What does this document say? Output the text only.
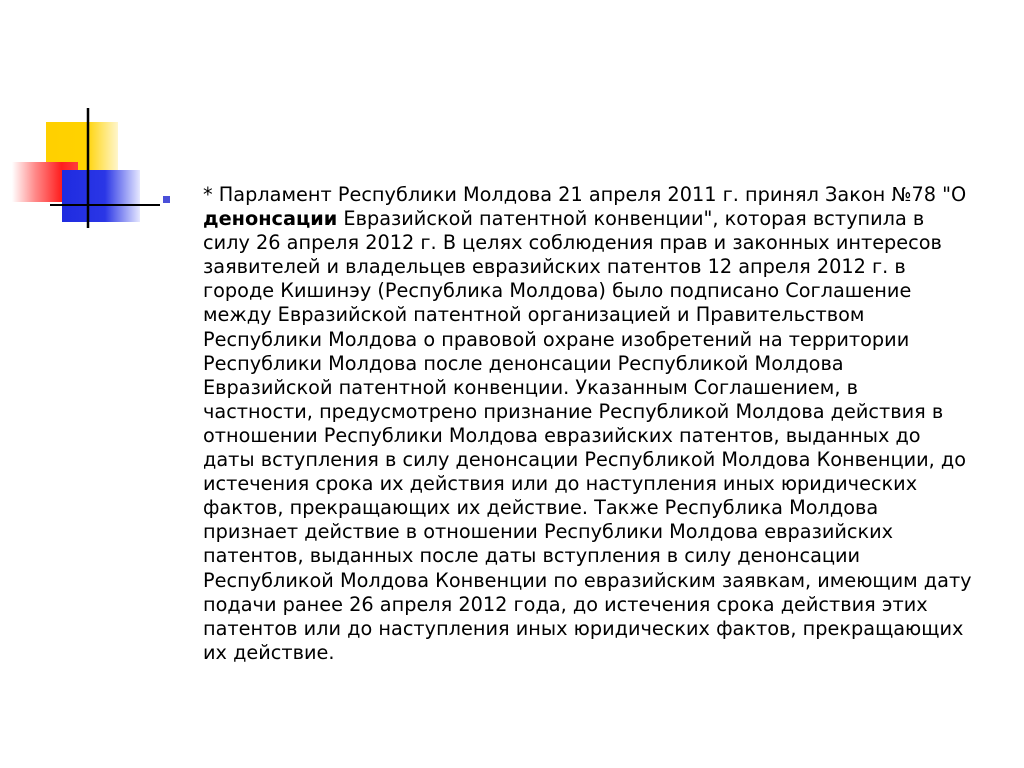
* Парламент Республики Молдова 21 апреля 2011 г. принял Закон №78 "О денонсации Евразийской патентной конвенции", которая вступила в силу 26 апреля 2012 г. В целях соблюдения прав и законных интересов заявителей и владельцев евразийских патентов 12 апреля 2012 г. в городе Кишинэу (Республика Молдова) было подписано Соглашение между Евразийской патентной организацией и Правительством Республики Молдова о правовой охране изобретений на территории Республики Молдова после денонсации Республикой Молдова Евразийской патентной конвенции. Указанным Соглашением, в частности, предусмотрено признание Республикой Молдова действия в отношении Республики Молдова евразийских патентов, выданных до даты вступления в силу денонсации Республикой Молдова Конвенции, до истечения срока их действия или до наступления иных юридических фактов, прекращающих их действие. Также Республика Молдова признает действие в отношении Республики Молдова евразийских патентов, выданных после даты вступления в силу денонсации Республикой Молдова Конвенции по евразийским заявкам, имеющим дату подачи ранее 26 апреля 2012 года, до истечения срока действия этих патентов или до наступления иных юридических фактов, прекращающих их действие.
